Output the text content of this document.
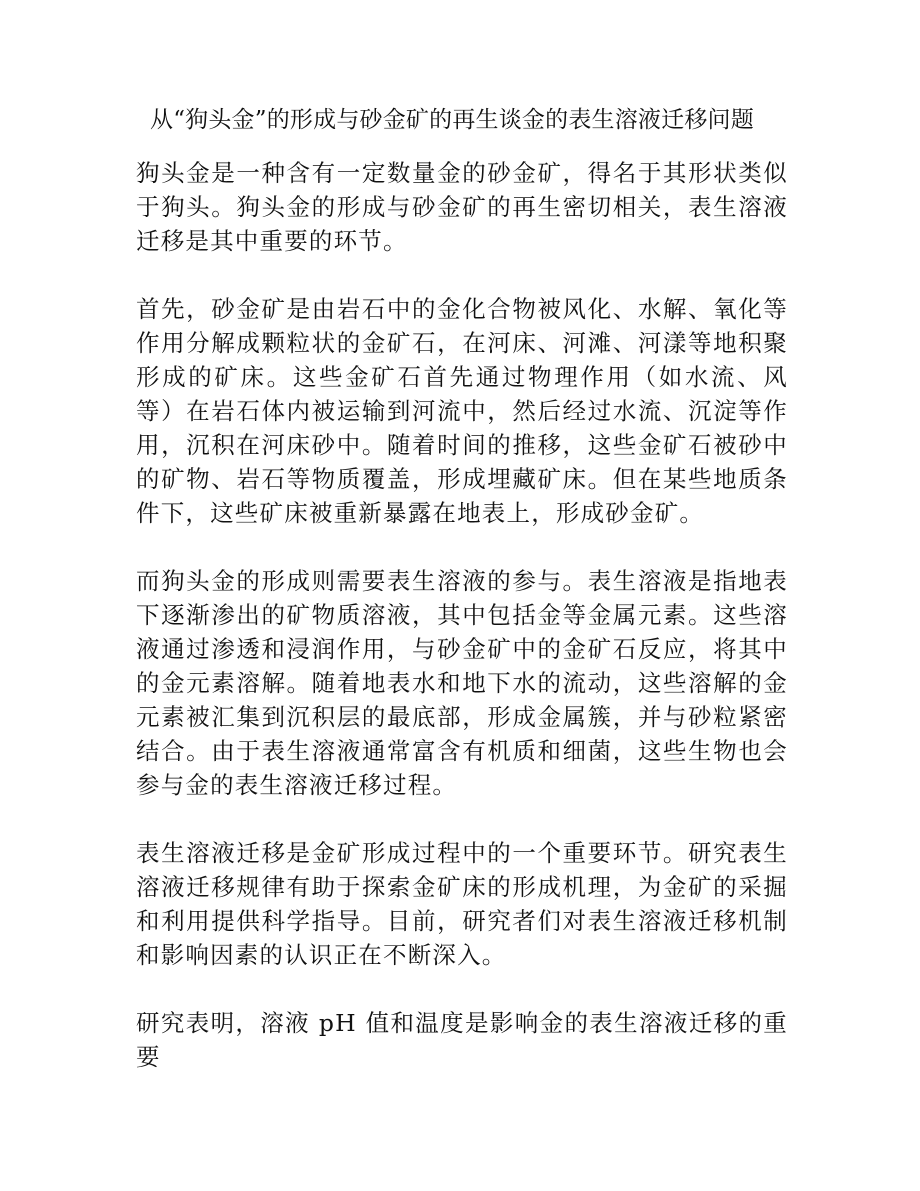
从“狗头金”的形成与砂金矿的再生谈金的表生溶液迁移问题

狗头金是一种含有一定数量金的砂金矿，得名于其形状类似于狗头。狗头金的形成与砂金矿的再生密切相关，表生溶液迁移是其中重要的环节。

首先，砂金矿是由岩石中的金化合物被风化、水解、氧化等作用分解成颗粒状的金矿石，在河床、河滩、河漾等地积聚形成的矿床。这些金矿石首先通过物理作用（如水流、风等）在岩石体内被运输到河流中，然后经过水流、沉淀等作用，沉积在河床砂中。随着时间的推移，这些金矿石被砂中的矿物、岩石等物质覆盖，形成埋藏矿床。但在某些地质条件下，这些矿床被重新暴露在地表上，形成砂金矿。

而狗头金的形成则需要表生溶液的参与。表生溶液是指地表下逐渐渗出的矿物质溶液，其中包括金等金属元素。这些溶液通过渗透和浸润作用，与砂金矿中的金矿石反应，将其中的金元素溶解。随着地表水和地下水的流动，这些溶解的金元素被汇集到沉积层的最底部，形成金属簇，并与砂粒紧密结合。由于表生溶液通常富含有机质和细菌，这些生物也会参与金的表生溶液迁移过程。

表生溶液迁移是金矿形成过程中的一个重要环节。研究表生溶液迁移规律有助于探索金矿床的形成机理，为金矿的采掘和利用提供科学指导。目前，研究者们对表生溶液迁移机制和影响因素的认识正在不断深入。

研究表明，溶液 pH 值和温度是影响金的表生溶液迁移的重要
